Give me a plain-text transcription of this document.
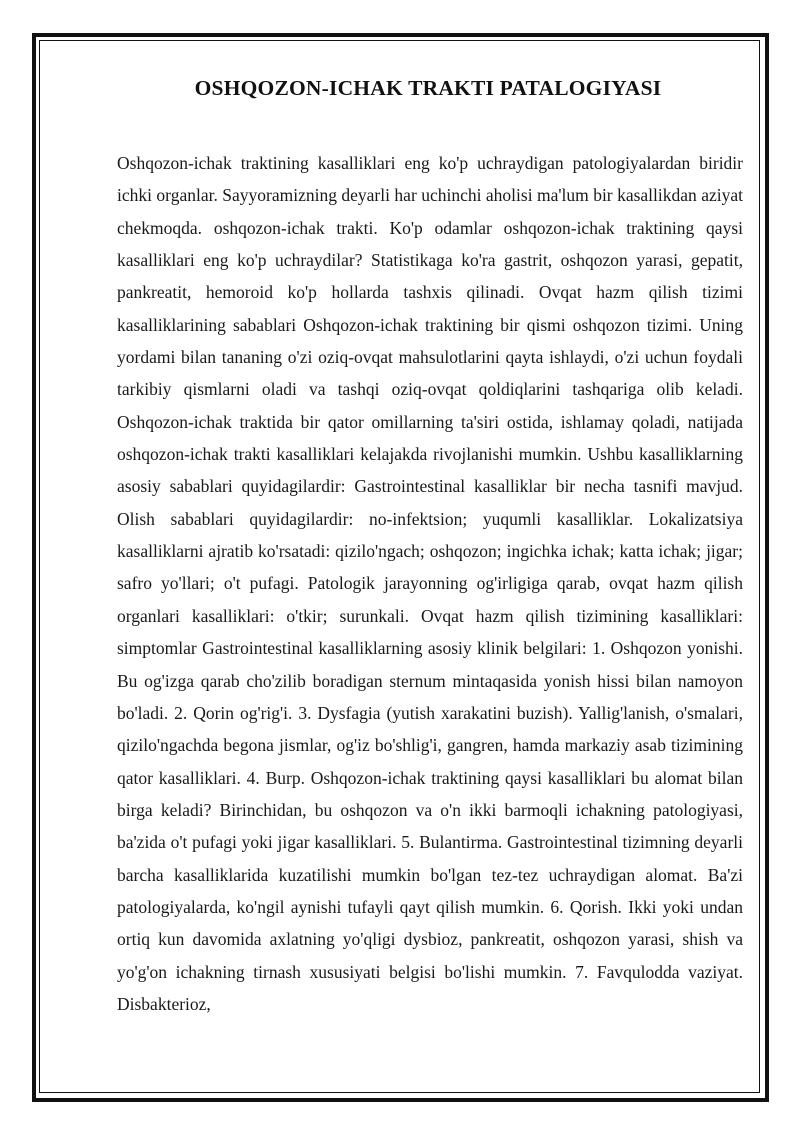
OSHQOZON-ICHAK TRAKTI PATALOGIYASI

Oshqozon-ichak traktining kasalliklari eng ko'p uchraydigan patologiyalardan biridir ichki organlar. Sayyoramizning deyarli har uchinchi aholisi ma'lum bir kasallikdan aziyat chekmoqda. oshqozon-ichak trakti. Ko'p odamlar oshqozon-ichak traktining qaysi kasalliklari eng ko'p uchraydilar? Statistikaga ko'ra gastrit, oshqozon yarasi, gepatit, pankreatit, hemoroid ko'p hollarda tashxis qilinadi. Ovqat hazm qilish tizimi kasalliklarining sabablari Oshqozon-ichak traktining bir qismi oshqozon tizimi. Uning yordami bilan tananing o'zi oziq-ovqat mahsulotlarini qayta ishlaydi, o'zi uchun foydali tarkibiy qismlarni oladi va tashqi oziq-ovqat qoldiqlarini tashqariga olib keladi. Oshqozon-ichak traktida bir qator omillarning ta'siri ostida, ishlamay qoladi, natijada oshqozon-ichak trakti kasalliklari kelajakda rivojlanishi mumkin. Ushbu kasalliklarning asosiy sabablari quyidagilardir: Gastrointestinal kasalliklar bir necha tasnifi mavjud. Olish sabablari quyidagilardir: no-infektsion; yuqumli kasalliklar. Lokalizatsiya kasalliklarni ajratib ko'rsatadi: qizilo'ngach; oshqozon; ingichka ichak; katta ichak; jigar; safro yo'llari; o't pufagi. Patologik jarayonning og'irligiga qarab, ovqat hazm qilish organlari kasalliklari: o'tkir; surunkali. Ovqat hazm qilish tizimining kasalliklari: simptomlar Gastrointestinal kasalliklarning asosiy klinik belgilari: 1. Oshqozon yonishi. Bu og'izga qarab cho'zilib boradigan sternum mintaqasida yonish hissi bilan namoyon bo'ladi. 2. Qorin og'rig'i. 3. Dysfagia (yutish xarakatini buzish). Yallig'lanish, o'smalari, qizilo'ngachda begona jismlar, og'iz bo'shlig'i, gangren, hamda markaziy asab tizimining qator kasalliklari. 4. Burp. Oshqozon-ichak traktining qaysi kasalliklari bu alomat bilan birga keladi? Birinchidan, bu oshqozon va o'n ikki barmoqli ichakning patologiyasi, ba'zida o't pufagi yoki jigar kasalliklari. 5. Bulantirma. Gastrointestinal tizimning deyarli barcha kasalliklarida kuzatilishi mumkin bo'lgan tez-tez uchraydigan alomat. Ba'zi patologiyalarda, ko'ngil aynishi tufayli qayt qilish mumkin. 6. Qorish. Ikki yoki undan ortiq kun davomida axlatning yo'qligi dysbioz, pankreatit, oshqozon yarasi, shish va yo'g'on ichakning tirnash xususiyati belgisi bo'lishi mumkin. 7. Favqulodda vaziyat. Disbakterioz,
